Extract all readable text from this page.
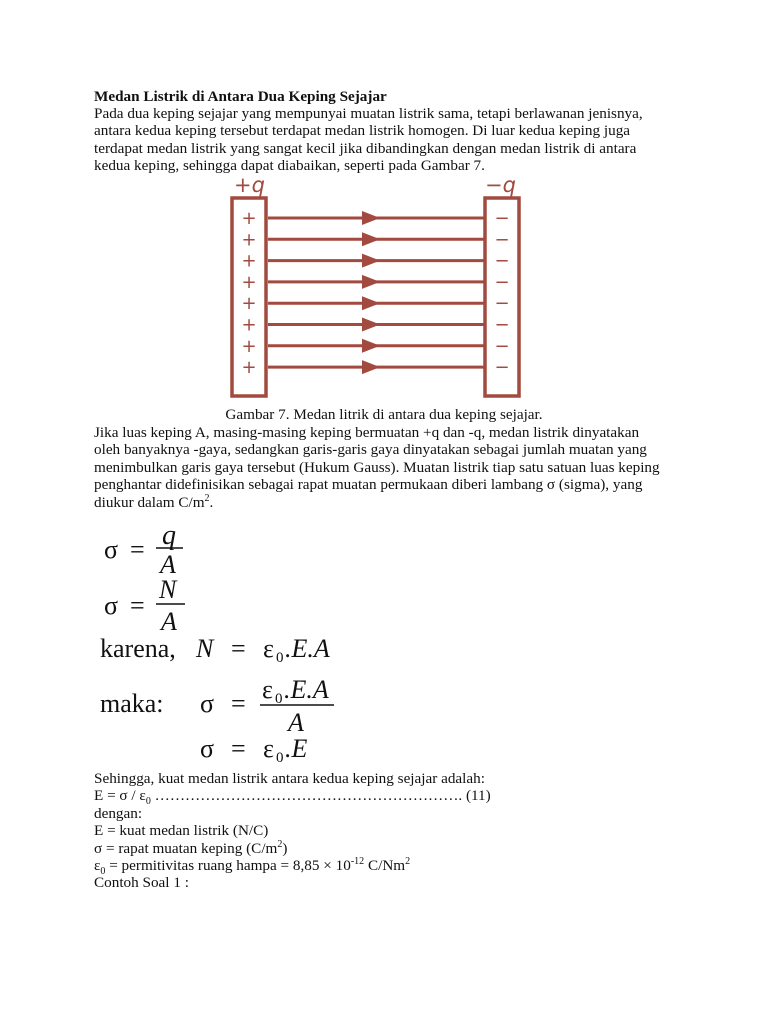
Medan Listrik di Antara Dua Keping Sejajar
Pada dua keping sejajar yang mempunyai muatan listrik sama, tetapi berlawanan jenisnya,
antara kedua keping tersebut terdapat medan listrik homogen. Di luar kedua keping juga
terdapat medan listrik yang sangat kecil jika dibandingkan dengan medan listrik di antara
kedua keping, sehingga dapat diabaikan, seperti pada Gambar 7.
+q	−q
+	−
+	−
+	−
+	−
+	−
+	−
+	−
+	−
Gambar 7. Medan litrik di antara dua keping sejajar.
Jika luas keping A, masing-masing keping bermuatan +q dan -q, medan listrik dinyatakan
oleh banyaknya -gaya, sedangkan garis-garis gaya dinyatakan sebagai jumlah muatan yang
menimbulkan garis gaya tersebut (Hukum Gauss). Muatan listrik tiap satu satuan luas keping
penghantar didefinisikan sebagai rapat muatan permukaan diberi lambang σ (sigma), yang
diukur dalam $C/m^2$.
σ = q
A
σ =
N
A
karena, N = ε 0 .E.A
maka: σ = ε 0 .E.A
A
σ = ε 0 .E
Sehingga, kuat medan listrik antara kedua keping sejajar adalah:
$E = \sigma / \varepsilon_0$ ……………………………………………………. (11)
dengan:
E = kuat medan listrik (N/C)
σ = rapat muatan keping $(C/m^2)$
$\varepsilon_0$ = permitivitas ruang hampa = $8,85 \times 10^{-12}$ C/Nm$^2$
Contoh Soal 1 :
